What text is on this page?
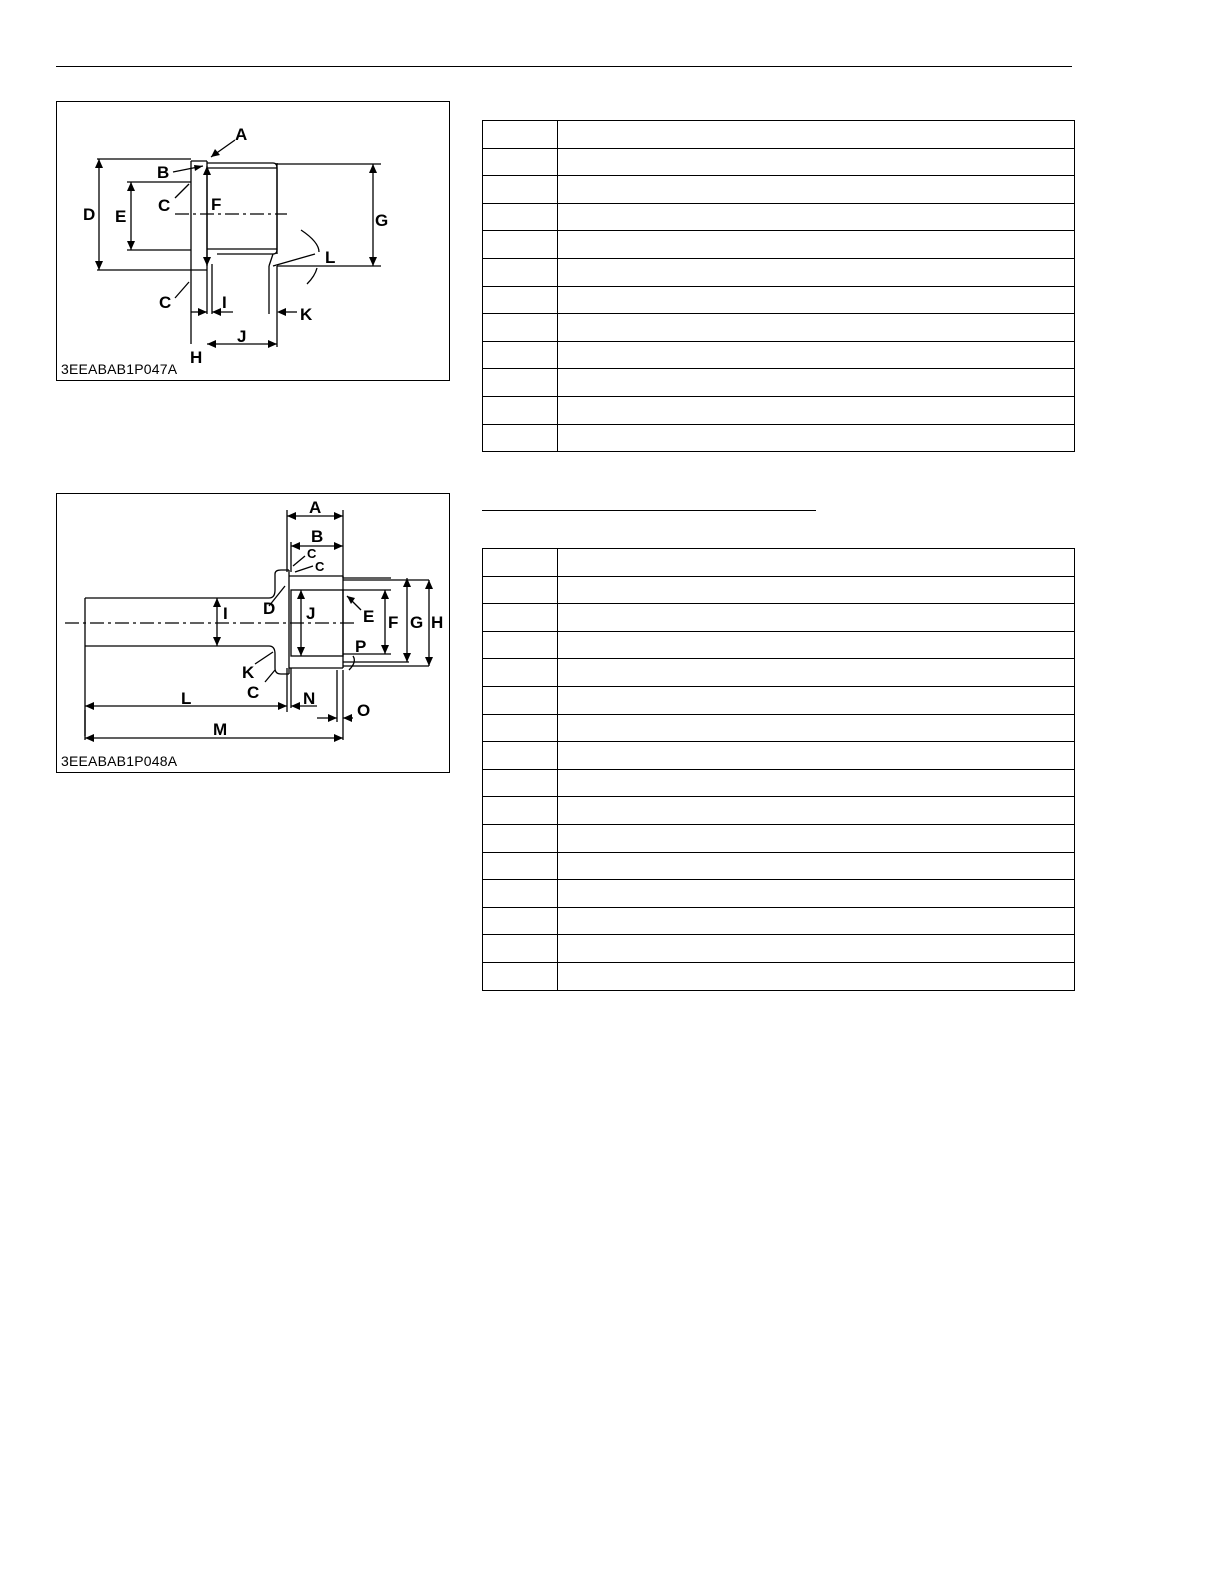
A
B
C
D E
F
G
L
C	I
K
J
H
3EEABAB1P047A

A
B
C
C
D
I	J	E F G H
P
K
C
L	N
O
M
3EEABAB1P048A
